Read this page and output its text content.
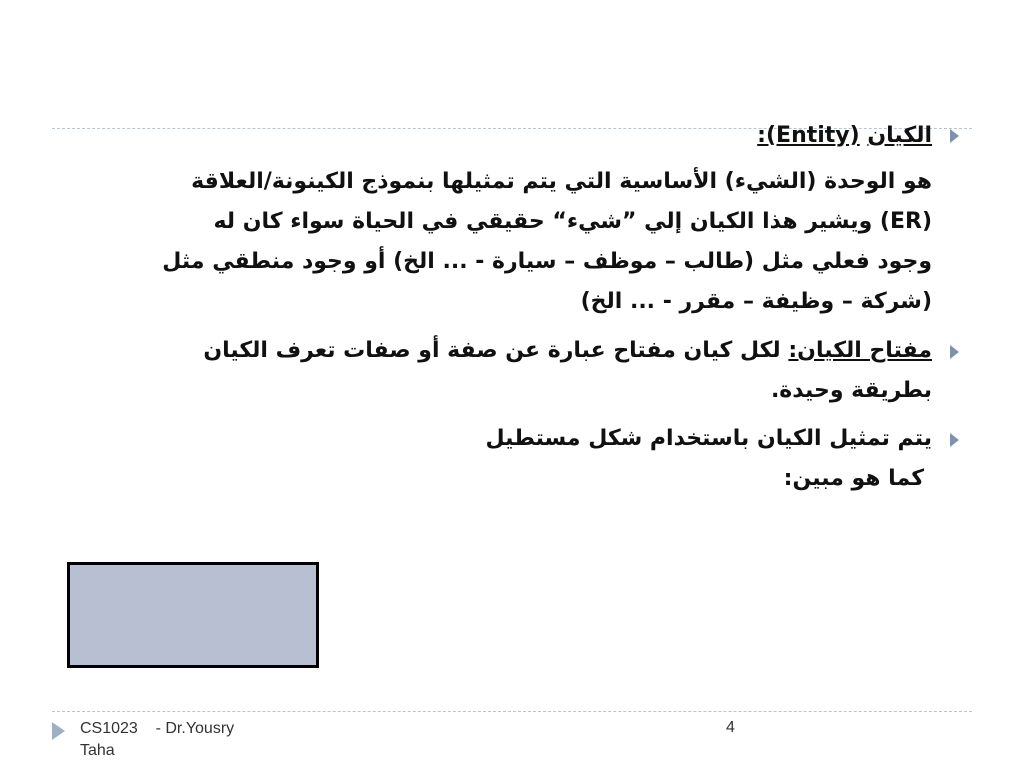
الكيان (Entity):
هو الوحدة (الشيء) الأساسية التي يتم تمثيلها بنموذج الكينونة/العلاقة
(ER) ويشير هذا الكيان إلي ”شيء“ حقيقي في الحياة سواء كان له
وجود فعلي مثل (طالب – موظف – سيارة - ... الخ) أو وجود منطقي مثل
(شركة – وظيفة – مقرر - ... الخ)
مفتاح الكيان: لكل كيان مفتاح عبارة عن صفة أو صفات تعرف الكيان
بطريقة وحيدة.
يتم تمثيل الكيان باستخدام شكل مستطيل
كما هو مبين:
CS1023    - Dr.Yousry
Taha
4
